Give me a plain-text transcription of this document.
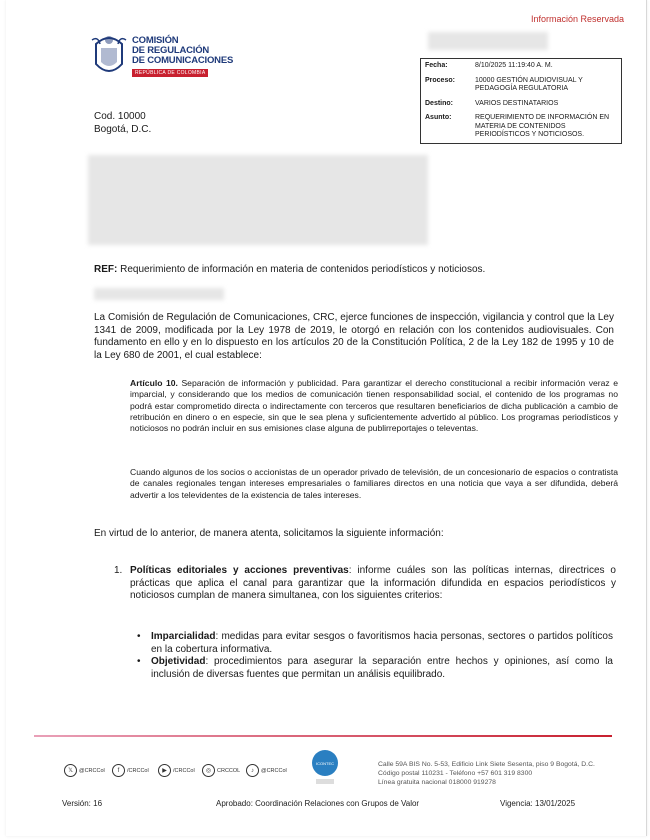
Información Reservada
COMISIÓN
DE REGULACIÓN
DE COMUNICACIONES
REPÚBLICA DE COLOMBIA
Fecha:	8/10/2025 11:19:40 A. M.
Proceso:	10000 GESTIÓN AUDIOVISUAL Y PEDAGOGÍA REGULATORIA
Destino:	VARIOS DESTINATARIOS
Asunto:	REQUERIMIENTO DE INFORMACIÓN EN MATERIA DE CONTENIDOS PERIODÍSTICOS Y NOTICIOSOS.
Cod. 10000
Bogotá, D.C.
REF: Requerimiento de información en materia de contenidos periodísticos y noticiosos.
La Comisión de Regulación de Comunicaciones, CRC, ejerce funciones de inspección, vigilancia y control que la Ley 1341 de 2009, modificada por la Ley 1978 de 2019, le otorgó en relación con los contenidos audiovisuales. Con fundamento en ello y en lo dispuesto en los artículos 20 de la Constitución Política, 2 de la Ley 182 de 1995 y 10 de la Ley 680 de 2001, el cual establece:
Artículo 10. Separación de información y publicidad. Para garantizar el derecho constitucional a recibir información veraz e imparcial, y considerando que los medios de comunicación tienen responsabilidad social, el contenido de los programas no podrá estar comprometido directa o indirectamente con terceros que resultaren beneficiarios de dicha publicación a cambio de retribución en dinero o en especie, sin que le sea plena y suficientemente advertido al público. Los programas periodísticos y noticiosos no podrán incluir en sus emisiones clase alguna de publirreportajes o televentas.
Cuando algunos de los socios o accionistas de un operador privado de televisión, de un concesionario de espacios o contratista de canales regionales tengan intereses empresariales o familiares directos en una noticia que vaya a ser difundida, deberá advertir a los televidentes de la existencia de tales intereses.
En virtud de lo anterior, de manera atenta, solicitamos la siguiente información:
1. Políticas editoriales y acciones preventivas: informe cuáles son las políticas internas, directrices o prácticas que aplica el canal para garantizar que la información difundida en espacios periodísticos y noticiosos cumplan de manera simultanea, con los siguientes criterios:
• Imparcialidad: medidas para evitar sesgos o favoritismos hacia personas, sectores o partidos políticos en la cobertura informativa.
• Objetividad: procedimientos para asegurar la separación entre hechos y opiniones, así como la inclusión de diversas fuentes que permitan un análisis equilibrado.
𝕏	@CRCCol	f	/CRCCol	▶	/CRCCol	◎	CRCCOL	♪	@CRCCol
ICONTEC	Calle 59A BIS No. 5-53, Edificio Link Siete Sesenta, piso 9 Bogotá, D.C.
Código postal 110231 - Teléfono +57 601 319 8300
Línea gratuita nacional 018000 919278
Versión: 16	Aprobado: Coordinación Relaciones con Grupos de Valor	Vigencia: 13/01/2025
